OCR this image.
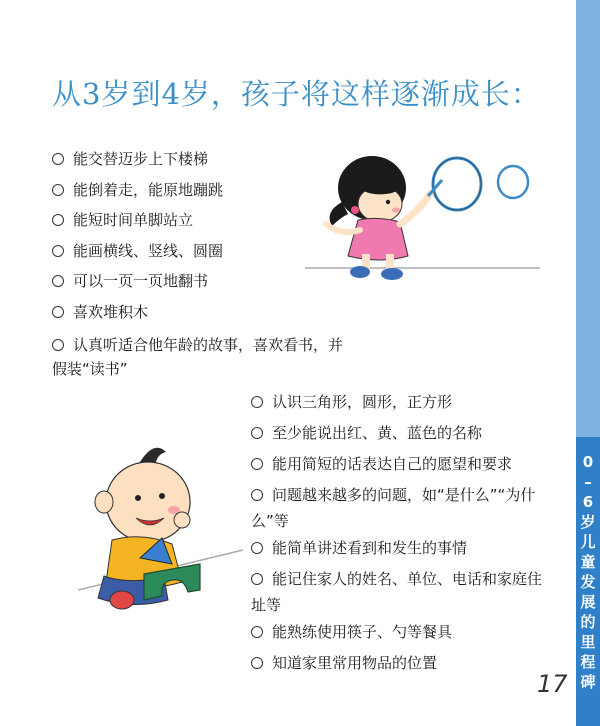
从3岁到4岁，孩子将这样逐渐成长：
能交替迈步上下楼梯
能倒着走，能原地蹦跳
能短时间单脚站立
能画横线、竖线、圆圈
可以一页一页地翻书
喜欢堆积木
认真听适合他年龄的故事，喜欢看书，并假装“读书”
认识三角形，圆形，正方形
至少能说出红、黄、蓝色的名称
能用简短的话表达自己的愿望和要求
问题越来越多的问题，如“是什么”“为什么”等
能简单讲述看到和发生的事情
能记住家人的姓名、单位、电话和家庭住址等
能熟练使用筷子、勺等餐具
知道家里常用物品的位置
0
–
6
岁
儿
童
发
展
的
里
程
碑
17
